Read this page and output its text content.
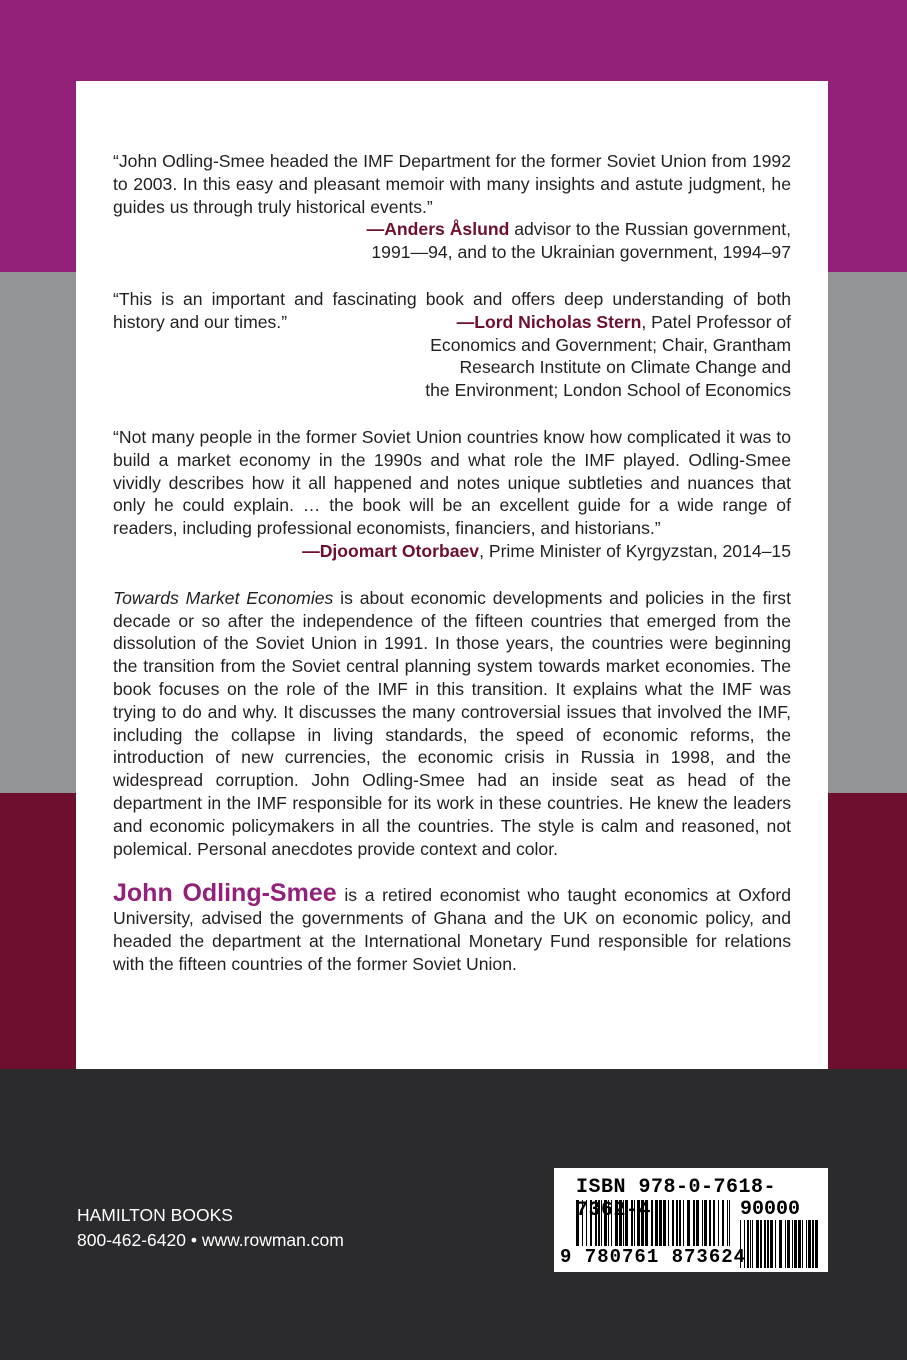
“John Odling-Smee headed the IMF Department for the former Soviet Union from 1992 to 2003. In this easy and pleasant memoir with many insights and astute judgment, he guides us through truly historical events.”

—Anders Åslund advisor to the Russian government,
1991—94, and to the Ukrainian government, 1994–97

“This is an important and fascinating book and offers deep understanding of both history and our times.”	—Lord Nicholas Stern, Patel Professor of
Economics and Government; Chair, Grantham
Research Institute on Climate Change and
the Environment; London School of Economics

“Not many people in the former Soviet Union countries know how complicated it was to build a market economy in the 1990s and what role the IMF played. Odling-Smee vividly describes how it all happened and notes unique subtleties and nuances that only he could explain. … the book will be an excellent guide for a wide range of readers, including professional economists, financiers, and historians.”

—Djoomart Otorbaev, Prime Minister of Kyrgyzstan, 2014–15

Towards Market Economies is about economic developments and policies in the first decade or so after the independence of the fifteen countries that emerged from the dissolution of the Soviet Union in 1991. In those years, the countries were beginning the transition from the Soviet central planning system towards market economies. The book focuses on the role of the IMF in this transition. It explains what the IMF was trying to do and why. It discusses the many controversial issues that involved the IMF, including the collapse in living standards, the speed of economic reforms, the introduction of new currencies, the economic crisis in Russia in 1998, and the widespread corruption. John Odling-Smee had an inside seat as head of the department in the IMF responsible for its work in these countries. He knew the leaders and economic policymakers in all the countries. The style is calm and reasoned, not polemical. Personal anecdotes provide context and color.

John Odling-Smee is a retired economist who taught economics at Oxford University, advised the governments of Ghana and the UK on economic policy, and headed the department at the International Monetary Fund responsible for relations with the fifteen countries of the former Soviet Union.

HAMILTON BOOKS
800-462-6420 • www.rowman.com
ISBN 978-0-7618-7362-4	90000
9 780761 873624
